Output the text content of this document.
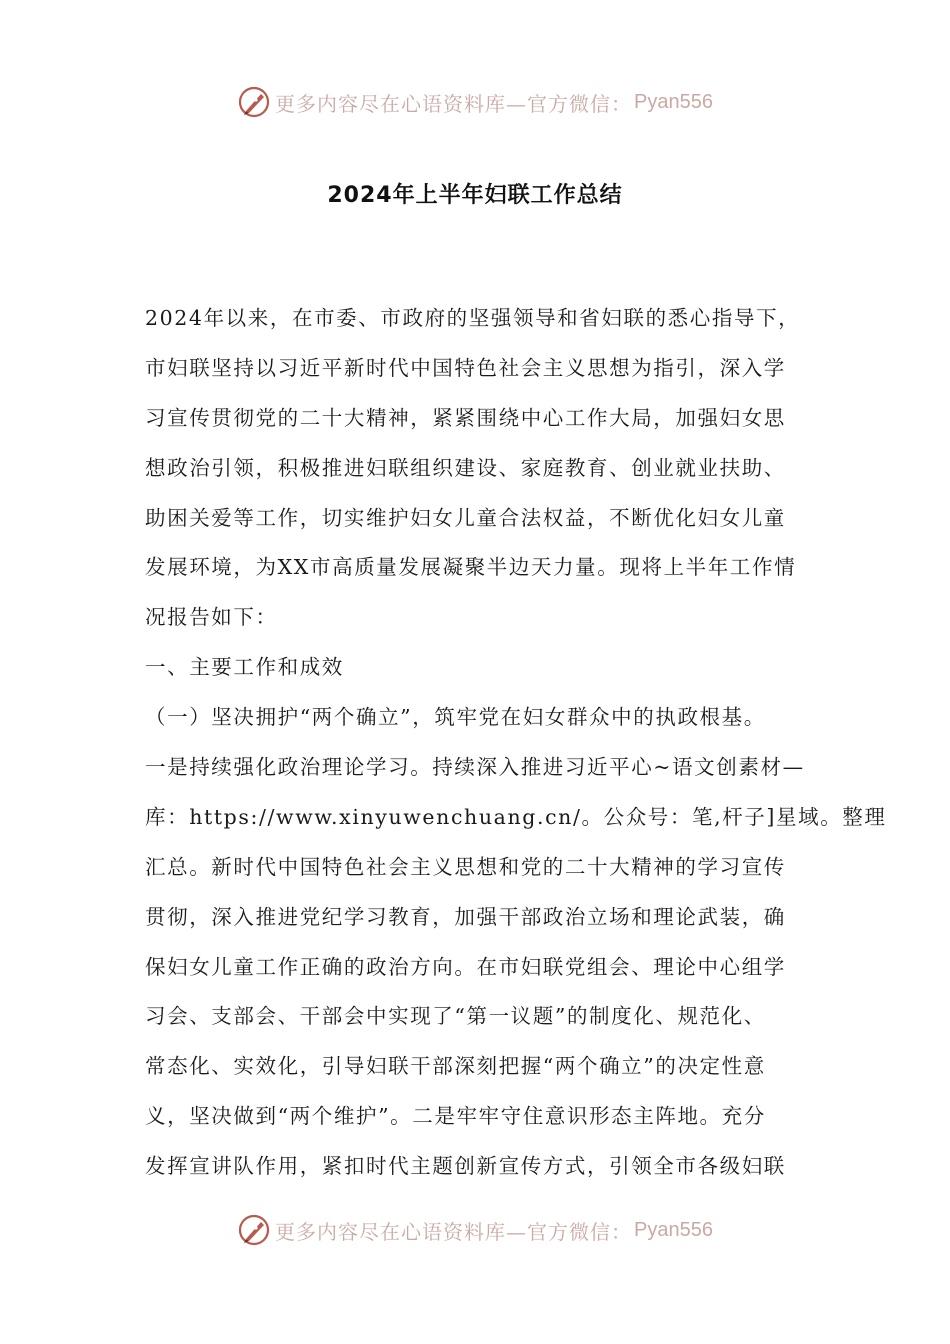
更多内容尽在心语资料库—官方微信： Pyan556
2024年上半年妇联工作总结
2024年以来，在市委、市政府的坚强领导和省妇联的悉心指导下，
市妇联坚持以习近平新时代中国特色社会主义思想为指引，深入学
习宣传贯彻党的二十大精神，紧紧围绕中心工作大局，加强妇女思
想政治引领，积极推进妇联组织建设、家庭教育、创业就业扶助、
助困关爱等工作，切实维护妇女儿童合法权益，不断优化妇女儿童
发展环境，为XX市高质量发展凝聚半边天力量。现将上半年工作情
况报告如下：
一、主要工作和成效
（一）坚决拥护“两个确立”，筑牢党在妇女群众中的执政根基。
一是持续强化政治理论学习。持续深入推进习近平心~语文创素材—
库：https://www.xinyuwenchuang.cn/。公众号：笔,杆子]星域。整理
汇总。新时代中国特色社会主义思想和党的二十大精神的学习宣传
贯彻，深入推进党纪学习教育，加强干部政治立场和理论武装，确
保妇女儿童工作正确的政治方向。在市妇联党组会、理论中心组学
习会、支部会、干部会中实现了“第一议题”的制度化、规范化、
常态化、实效化，引导妇联干部深刻把握“两个确立”的决定性意
义，坚决做到“两个维护”。二是牢牢守住意识形态主阵地。充分
发挥宣讲队作用，紧扣时代主题创新宣传方式，引领全市各级妇联
更多内容尽在心语资料库—官方微信： Pyan556
